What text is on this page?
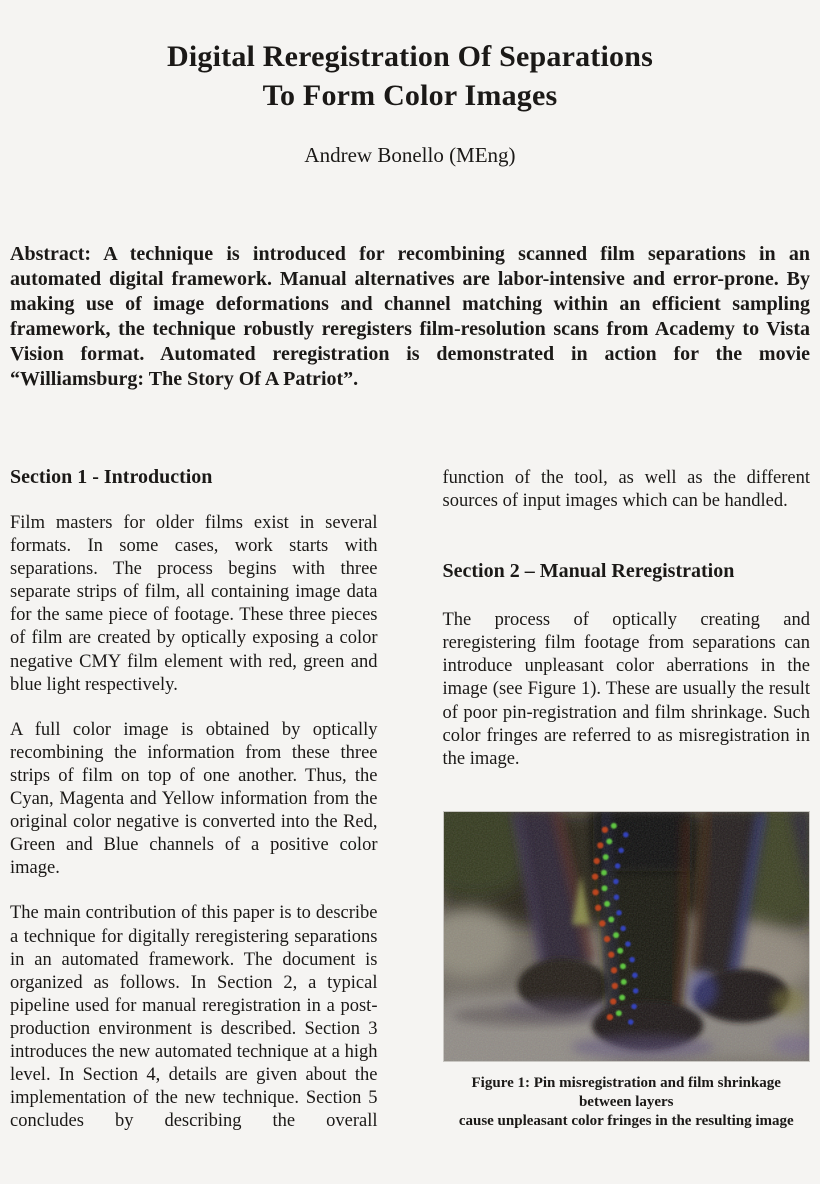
Digital Reregistration Of Separations
To Form Color Images
Andrew Bonello (MEng)

Abstract: A technique is introduced for recombining scanned film separations in an automated digital framework. Manual alternatives are labor-intensive and error-prone. By making use of image deformations and channel matching within an efficient sampling framework, the technique robustly reregisters film-resolution scans from Academy to Vista Vision format. Automated reregistration is demonstrated in action for the movie “Williamsburg: The Story Of A Patriot”.

Section 1 - Introduction

Film masters for older films exist in several formats. In some cases, work starts with separations. The process begins with three separate strips of film, all containing image data for the same piece of footage. These three pieces of film are created by optically exposing a color negative CMY film element with red, green and blue light respectively.

A full color image is obtained by optically recombining the information from these three strips of film on top of one another. Thus, the Cyan, Magenta and Yellow information from the original color negative is converted into the Red, Green and Blue channels of a positive color image.

The main contribution of this paper is to describe a technique for digitally reregistering separations in an automated framework. The document is organized as follows. In Section 2, a typical pipeline used for manual reregistration in a post-production environment is described. Section 3 introduces the new automated technique at a high level. In Section 4, details are given about the implementation of the new technique. Section 5 concludes by describing the overall

function of the tool, as well as the different sources of input images which can be handled.

Section 2 – Manual Reregistration

The process of optically creating and reregistering film footage from separations can introduce unpleasant color aberrations in the image (see Figure 1). These are usually the result of poor pin-registration and film shrinkage. Such color fringes are referred to as misregistration in the image.

Figure 1: Pin misregistration and film shrinkage between layers
cause unpleasant color fringes in the resulting image
